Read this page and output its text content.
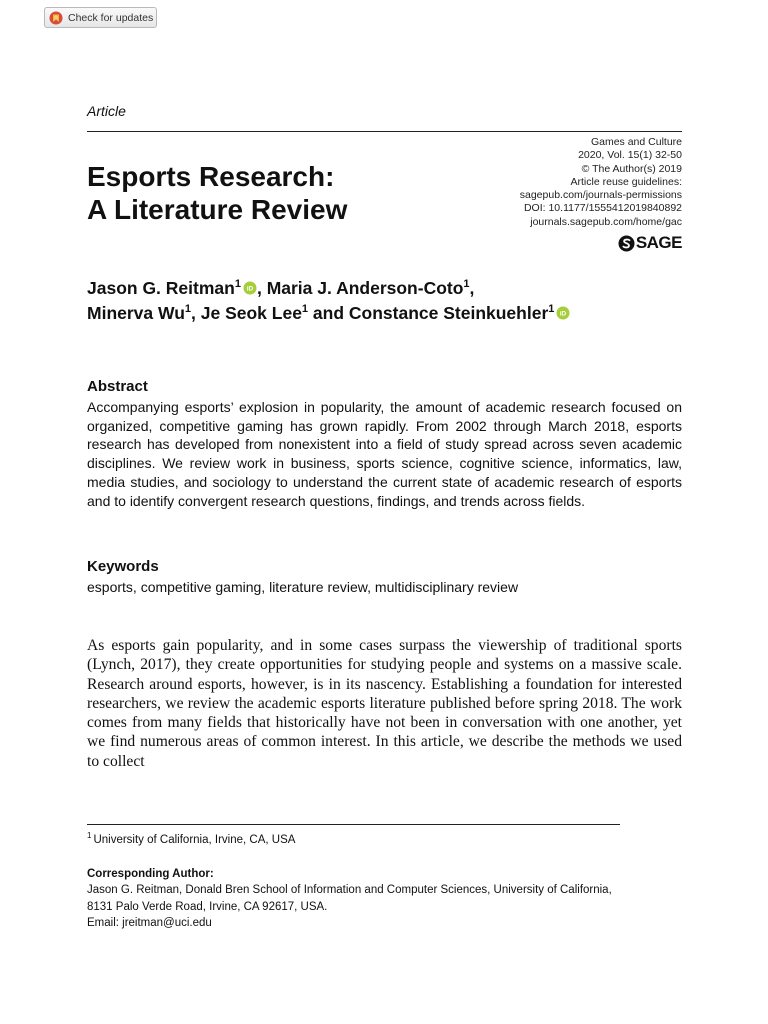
Check for updates
Article
Esports Research:
A Literature Review
Games and Culture
2020, Vol. 15(1) 32-50
© The Author(s) 2019
Article reuse guidelines:
sagepub.com/journals-permissions
DOI: 10.1177/1555412019840892
journals.sagepub.com/home/gac
SAGE
Jason G. Reitman$^1$ iD , Maria J. Anderson-Coto$^1$,
Minerva Wu$^1$, Je Seok Lee$^1$ and Constance Steinkuehler$^1$ iD
Abstract

Accompanying esports’ explosion in popularity, the amount of academic research focused on organized, competitive gaming has grown rapidly. From 2002 through March 2018, esports research has developed from nonexistent into a field of study spread across seven academic disciplines. We review work in business, sports science, cognitive science, informatics, law, media studies, and sociology to understand the current state of academic research of esports and to identify convergent research questions, findings, and trends across fields.

Keywords

esports, competitive gaming, literature review, multidisciplinary review

As esports gain popularity, and in some cases surpass the viewership of traditional sports (Lynch, 2017), they create opportunities for studying people and systems on a massive scale. Research around esports, however, is in its nascency. Establishing a foundation for interested researchers, we review the academic esports literature published before spring 2018. The work comes from many fields that historically have not been in conversation with one another, yet we find numerous areas of common interest. In this article, we describe the methods we used to collect

$^1$ University of California, Irvine, CA, USA
Corresponding Author:
Jason G. Reitman, Donald Bren School of Information and Computer Sciences, University of California,
8131 Palo Verde Road, Irvine, CA 92617, USA.
Email: jreitman@uci.edu
